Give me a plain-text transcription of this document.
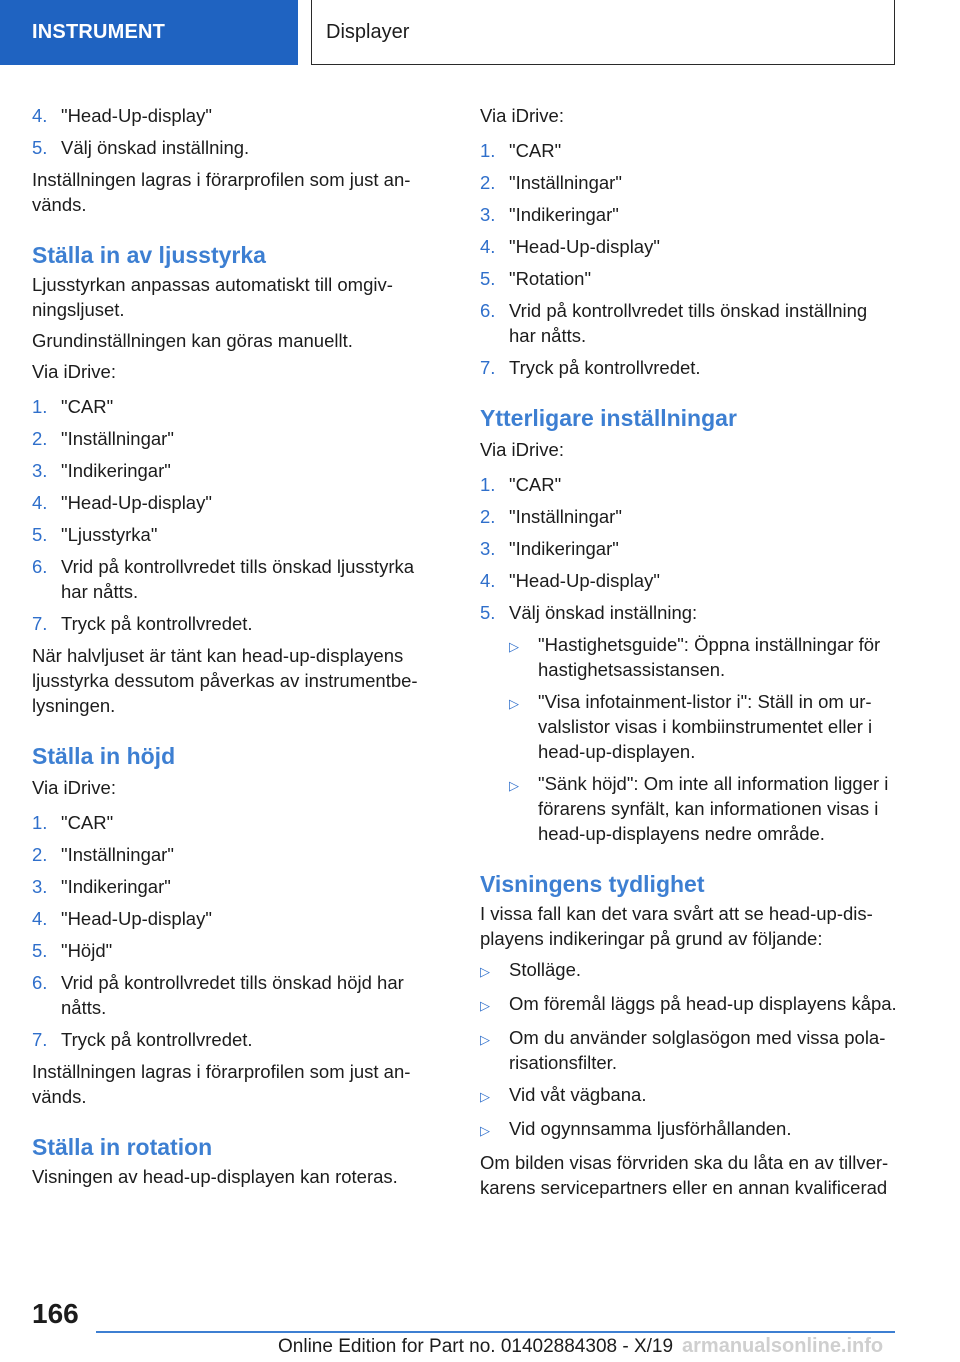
INSTRUMENT	Displayer
4. "Head-Up-display"
5. Välj önskad inställning.

Inställningen lagras i förarprofilen som just används.

Ställa in av ljusstyrka

Ljusstyrkan anpassas automatiskt till omgivningsljuset.

Grundinställningen kan göras manuellt.

Via iDrive:

1. "CAR"
2. "Inställningar"
3. "Indikeringar"
4. "Head-Up-display"
5. "Ljusstyrka"
6. Vrid på kontrollvredet tills önskad ljusstyrka har nåtts.
7. Tryck på kontrollvredet.

När halvljuset är tänt kan head-up-displayens ljusstyrka dessutom påverkas av instrumentbelysningen.

Ställa in höjd

Via iDrive:

1. "CAR"
2. "Inställningar"
3. "Indikeringar"
4. "Head-Up-display"
5. "Höjd"
6. Vrid på kontrollvredet tills önskad höjd har nåtts.
7. Tryck på kontrollvredet.

Inställningen lagras i förarprofilen som just används.

Ställa in rotation

Visningen av head-up-displayen kan roteras.

Via iDrive:

1. "CAR"
2. "Inställningar"
3. "Indikeringar"
4. "Head-Up-display"
5. "Rotation"
6. Vrid på kontrollvredet tills önskad inställning har nåtts.
7. Tryck på kontrollvredet.
Ytterligare inställningar

Via iDrive:

1. "CAR"
2. "Inställningar"
3. "Indikeringar"
4. "Head-Up-display"
5. Välj önskad inställning:
▷	"Hastighetsguide": Öppna inställningar för hastighetsassistansen.
▷	"Visa infotainment-listor i": Ställ in om urvalslistor visas i kombiinstrumentet eller i head-up-displayen.
▷	"Sänk höjd": Om inte all information ligger i förarens synfält, kan informationen visas i head-up-displayens nedre område.
Visningens tydlighet

I vissa fall kan det vara svårt att se head-up-displayens indikeringar på grund av följande:

▷	Stolläge.
▷	Om föremål läggs på head-up displayens kåpa.
▷	Om du använder solglasögon med vissa polarisationsfilter.
▷	Vid våt vägbana.
▷	Vid ogynnsamma ljusförhållanden.

Om bilden visas förvriden ska du låta en av tillverkarens servicepartners eller en annan kvalificerad

166
Online Edition for Part no. 01402884308 - X/19 armanualsonline.info
